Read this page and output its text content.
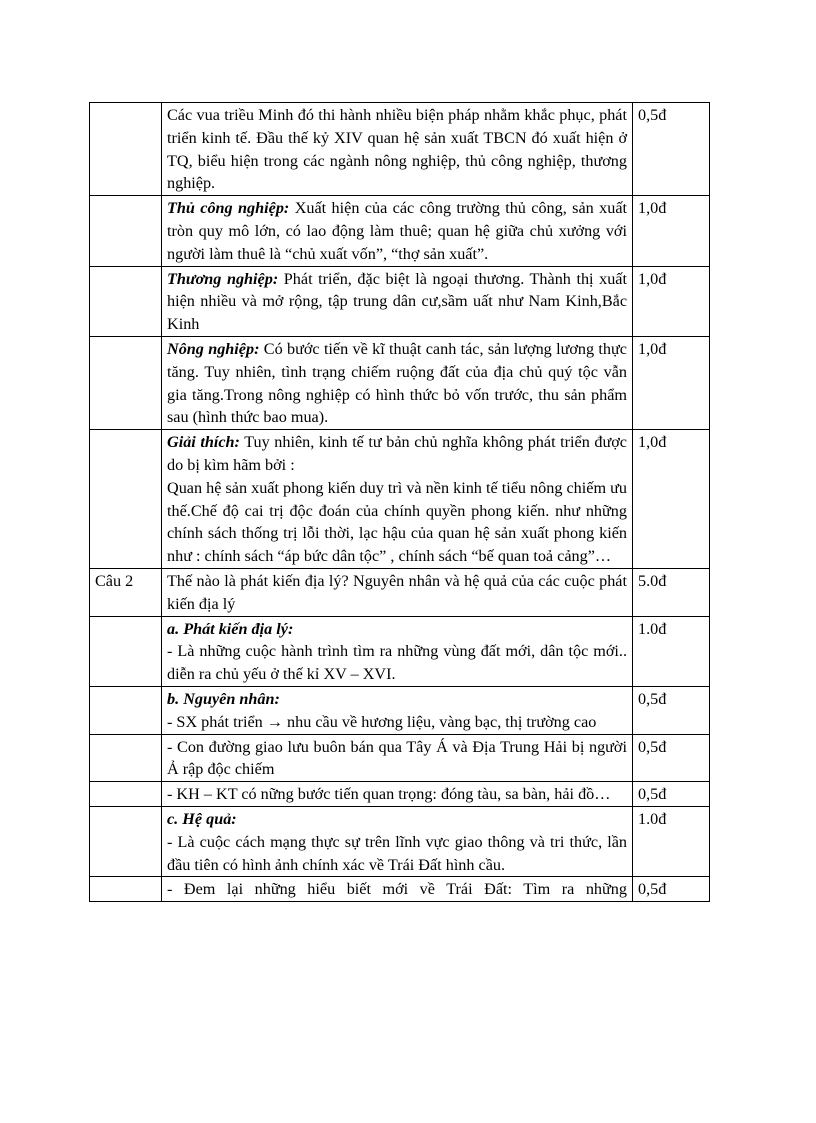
	Các vua triều Minh đó thi hành nhiều biện pháp nhằm khắc phục, phát triển kinh tế. Đầu thế kỷ XIV quan hệ sản xuất TBCN đó xuất hiện ở TQ, biểu hiện trong các ngành nông nghiệp, thủ công nghiệp, thương nghiệp.	0,5đ
	Thủ công nghiệp: Xuất hiện của các công trường thủ công, sản xuất tròn quy mô lớn, có lao động làm thuê; quan hệ giữa chủ xưởng với người làm thuê là “chủ xuất vốn”, “thợ sản xuất”.	1,0đ
	Thương nghiệp: Phát triển, đặc biệt là ngoại thương. Thành thị xuất hiện nhiều và mở rộng, tập trung dân cư,sầm uất như Nam Kinh,Bắc Kinh	1,0đ
	Nông nghiệp: Có bước tiến về kĩ thuật canh tác, sản lượng lương thực tăng. Tuy nhiên, tình trạng chiếm ruộng đất của địa chủ quý tộc vẫn gia tăng.Trong nông nghiệp có hình thức bỏ vốn trước, thu sản phẩm sau (hình thức bao mua).	1,0đ

	Giải thích: Tuy nhiên, kinh tế tư bản chủ nghĩa không phát triển được do bị kìm hãm bởi :
Quan hệ sản xuất phong kiến duy trì và nền kinh tế tiểu nông chiếm ưu thế.Chế độ cai trị độc đoán của chính quyền phong kiến. như những chính sách thống trị lỗi thời, lạc hậu của quan hệ sản xuất phong kiến như : chính sách “áp bức dân tộc” , chính sách “bế quan toả cảng”…	1,0đ
Câu 2	Thế nào là phát kiến địa lý? Nguyên nhân và hệ quả của các cuộc phát kiến địa lý	5.0đ

	a. Phát kiến địa lý:
- Là những cuộc hành trình tìm ra những vùng đất mới, dân tộc mới.. diễn ra chủ yếu ở thế kỉ XV – XVI.	1.0đ

	b. Nguyên nhân:
- SX phát triển → nhu cầu về hương liệu, vàng bạc, thị trường cao	0,5đ
	- Con đường giao lưu buôn bán qua Tây Á và Địa Trung Hải bị người Ả rập độc chiếm	0,5đ
	- KH – KT có nững bước tiến quan trọng: đóng tàu, sa bàn, hải đồ…	0,5đ

	c. Hệ quả:
- Là cuộc cách mạng thực sự trên lĩnh vực giao thông và tri thức, lần đầu tiên có hình ảnh chính xác về Trái Đất hình cầu.	1.0đ

	- Đem lại những hiểu biết mới về Trái Đất: Tìm ra những	0,5đ
